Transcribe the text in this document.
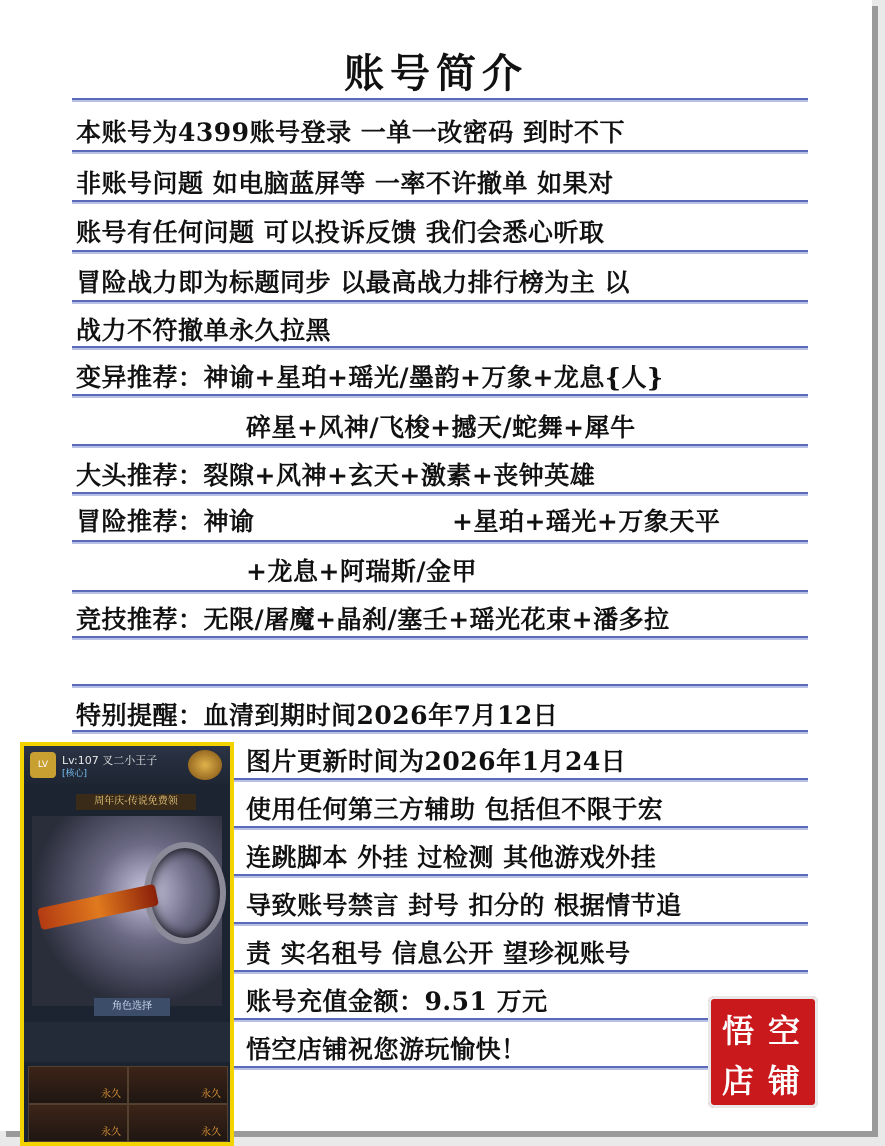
账号简介
本账号为4399账号登录 一单一改密码 到时不下
非账号问题 如电脑蓝屏等 一率不许撤单 如果对
账号有任何问题 可以投诉反馈 我们会悉心听取
冒险战力即为标题同步 以最高战力排行榜为主 以
战力不符撤单永久拉黑
变异推荐：神谕+星珀+瑶光/墨韵+万象+龙息{人}
碎星+风神/飞梭+撼天/蛇舞+犀牛
大头推荐：裂隙+风神+玄天+激素+丧钟英雄
冒险推荐：神谕	+星珀+瑶光+万象天平
+龙息+阿瑞斯/金甲
竞技推荐：无限/屠魔+晶刹/塞壬+瑶光花束+潘多拉
特别提醒：血清到期时间2026年7月12日
图片更新时间为2026年1月24日
使用任何第三方辅助 包括但不限于宏
连跳脚本 外挂 过检测 其他游戏外挂
导致账号禁言 封号 扣分的 根据情节追
责 实名租号 信息公开 望珍视账号
账号充值金额：9.51 万元
悟空店铺祝您游玩愉快！
LV	Lv:107 叉二小王子
[核心]
周年庆-传说免费领
角色选择
永久	永久
永久	永久
悟 空
店 铺
